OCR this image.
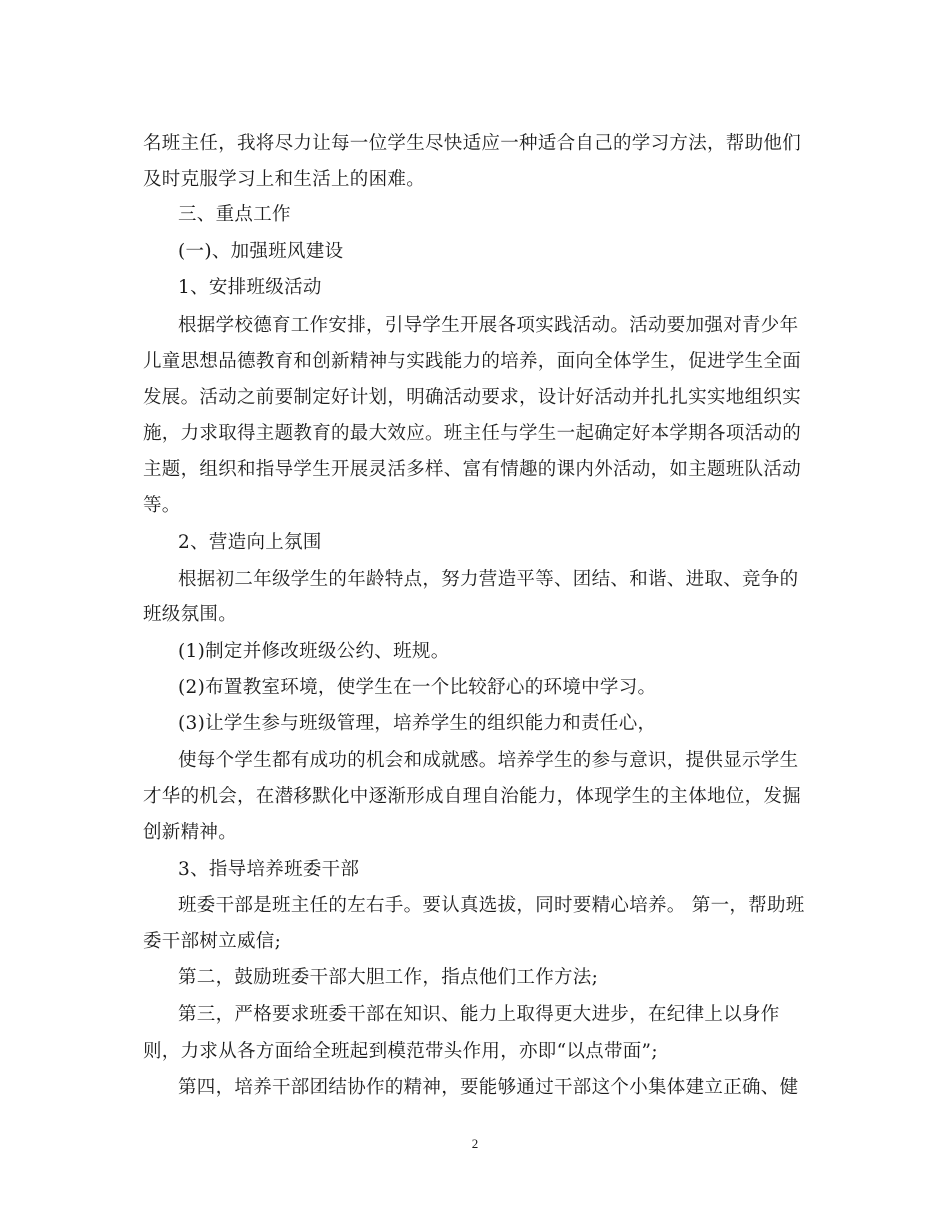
名班主任，我将尽力让每一位学生尽快适应一种适合自己的学习方法，帮助他们
及时克服学习上和生活上的困难。
三、重点工作
(一)、加强班风建设
1、安排班级活动
根据学校德育工作安排，引导学生开展各项实践活动。活动要加强对青少年
儿童思想品德教育和创新精神与实践能力的培养，面向全体学生，促进学生全面
发展。活动之前要制定好计划，明确活动要求，设计好活动并扎扎实实地组织实
施，力求取得主题教育的最大效应。班主任与学生一起确定好本学期各项活动的
主题，组织和指导学生开展灵活多样、富有情趣的课内外活动，如主题班队活动
等。
2、营造向上氛围
根据初二年级学生的年龄特点，努力营造平等、团结、和谐、进取、竞争的
班级氛围。
(1)制定并修改班级公约、班规。
(2)布置教室环境，使学生在一个比较舒心的环境中学习。
(3)让学生参与班级管理，培养学生的组织能力和责任心，
使每个学生都有成功的机会和成就感。培养学生的参与意识，提供显示学生
才华的机会，在潜移默化中逐渐形成自理自治能力，体现学生的主体地位，发掘
创新精神。
3、指导培养班委干部
班委干部是班主任的左右手。要认真选拔，同时要精心培养。 第一，帮助班
委干部树立威信;
第二，鼓励班委干部大胆工作，指点他们工作方法;
第三，严格要求班委干部在知识、能力上取得更大进步，在纪律上以身作
则，力求从各方面给全班起到模范带头作用，亦即“以点带面”;
第四，培养干部团结协作的精神，要能够通过干部这个小集体建立正确、健
2
